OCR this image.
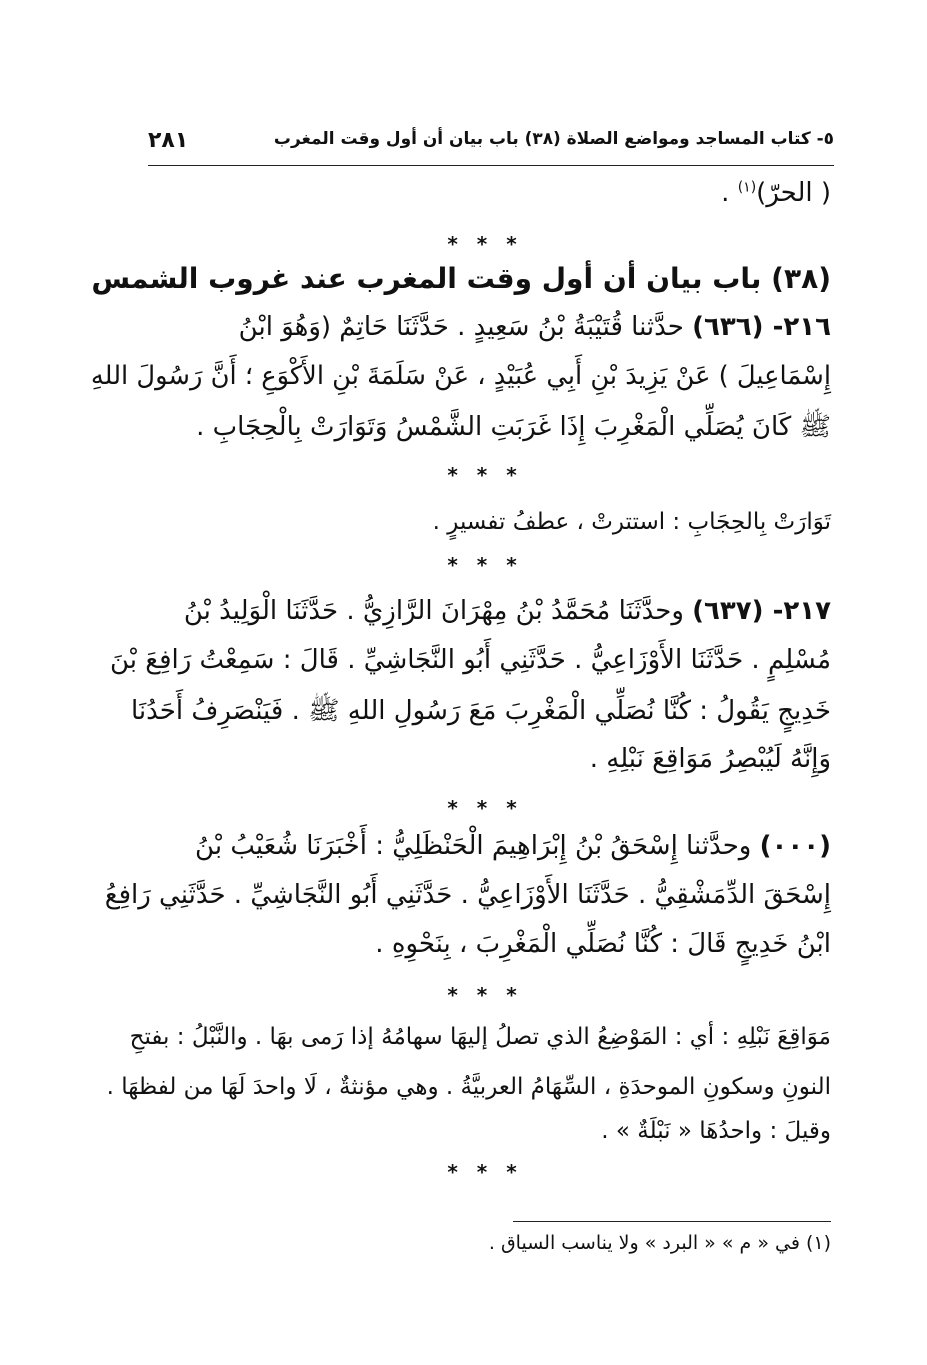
٥- كتاب المساجد ومواضع الصلاة (٣٨) باب بيان أن أول وقت المغرب
٢٨١
( الحرّ)$^{(١)}$ .
* * *
(٣٨) باب بيان أن أول وقت المغرب عند غروب الشمس
٢١٦- (٦٣٦) حدَّثنا قُتَيْبَةُ بْنُ سَعِيدٍ . حَدَّثَنَا حَاتِمٌ (وَهُوَ ابْنُ
إِسْمَاعِيلَ ) عَنْ يَزِيدَ بْنِ أَبِي عُبَيْدٍ ، عَنْ سَلَمَةَ بْنِ الأَكْوَعِ ؛ أَنَّ رَسُولَ اللهِ
ﷺ كَانَ يُصَلِّي الْمَغْرِبَ إِذَا غَرَبَتِ الشَّمْسُ وَتَوَارَتْ بِالْحِجَابِ .
* * *
تَوَارَتْ بِالحِجَابِ : استترتْ ، عطفُ تفسيرٍ .
* * *
٢١٧- (٦٣٧) وحدَّثَنَا مُحَمَّدُ بْنُ مِهْرَانَ الرَّازِيُّ . حَدَّثَنَا الْوَلِيدُ بْنُ
مُسْلِمٍ . حَدَّثَنَا الأَوْزَاعِيُّ . حَدَّثَنِي أَبُو النَّجَاشِيِّ . قَالَ : سَمِعْتُ رَافِعَ بْنَ
خَدِيجٍ يَقُولُ : كُنَّا نُصَلِّي الْمَغْرِبَ مَعَ رَسُولِ اللهِ ﷺ . فَيَنْصَرِفُ أَحَدُنَا
وَإِنَّهُ لَيُبْصِرُ مَوَاقِعَ نَبْلِهِ .
* * *
(٠٠٠) وحدَّثنا إِسْحَقُ بْنُ إِبْرَاهِيمَ الْحَنْظَلِيُّ : أَخْبَرَنَا شُعَيْبُ بْنُ
إِسْحَقَ الدِّمَشْقِيُّ . حَدَّثَنَا الأَوْزَاعِيُّ . حَدَّثَنِي أَبُو النَّجَاشِيِّ . حَدَّثَنِي رَافِعُ
ابْنُ خَدِيجٍ قَالَ : كُنَّا نُصَلِّي الْمَغْرِبَ ، بِنَحْوِهِ .
* * *
مَوَاقِعَ نَبْلِهِ : أي : المَوْضِعُ الذي تصلُ إليهَا سهامُهُ إذا رَمى بهَا . والنَّبْلُ : بفتحِ
النونِ وسكونِ الموحدَةِ ، السِّهَامُ العربيَّةُ . وهي مؤنثةٌ ، لَا واحدَ لَهَا من لفظهَا .
وقيلَ : واحدُهَا « نَبْلَةٌ » .
* * *
(١) في « م » « البرد » ولا يناسب السياق .
